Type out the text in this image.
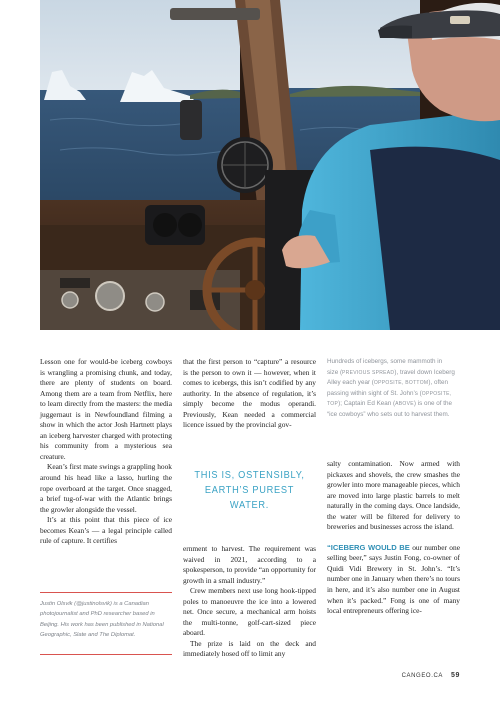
Lesson one for would-be iceberg cowboys is wrangling a promising chunk, and today, there are plenty of students on board. Among them are a team from Netflix, here to learn directly from the masters: the media juggernaut is in Newfoundland filming a show in which the actor Josh Hartnett plays an iceberg harvester charged with protecting his community from a mysterious sea creature.

Kean’s first mate swings a grappling hook around his head like a lasso, hurling the rope overboard at the target. Once snagged, a brief tug-of-war with the Atlantic brings the growler alongside the vessel.

It’s at this point that this piece of ice becomes Kean’s — a legal principle called rule of capture. It certifies

Justin Olsvik (@justinolsvik) is a Canadian photojournalist and PhD researcher based in Beijing. His work has been published in National Geographic, Slate and The Diplomat.

that the first person to “capture” a resource is the person to own it — however, when it comes to icebergs, this isn’t codified by any authority. In the absence of regulation, it’s simply become the modus operandi. Previously, Kean needed a commercial licence issued by the provincial gov-

THIS IS, OSTENSIBLY,
EARTH’S PUREST WATER.

ernment to harvest. The requirement was waived in 2021, according to a spokesperson, to provide “an opportunity for growth in a small industry.”

Crew members next use long hook-tipped poles to manoeuvre the ice into a lowered net. Once secure, a mechanical arm hoists the multi-tonne, golf-cart-sized piece aboard.

The prize is laid on the deck and immediately hosed off to limit any

Hundreds of icebergs, some mammoth in size (PREVIOUS SPREAD), travel down Iceberg Alley each year (OPPOSITE, BOTTOM), often passing within sight of St. John’s (OPPOSITE, TOP); Captain Ed Kean (ABOVE) is one of the “ice cowboys” who sets out to harvest them.

salty contamination. Now armed with pickaxes and shovels, the crew smashes the growler into more manageable pieces, which are moved into large plastic barrels to melt naturally in the coming days. Once landside, the water will be filtered for delivery to breweries and businesses across the island.

“ICEBERG WOULD BE our number one selling beer,” says Justin Fong, co-owner of Quidi Vidi Brewery in St. John’s. “It’s number one in January when there’s no tours in here, and it’s also number one in August when it’s packed.” Fong is one of many local entrepreneurs offering ice-

CANGEO.CA 59
